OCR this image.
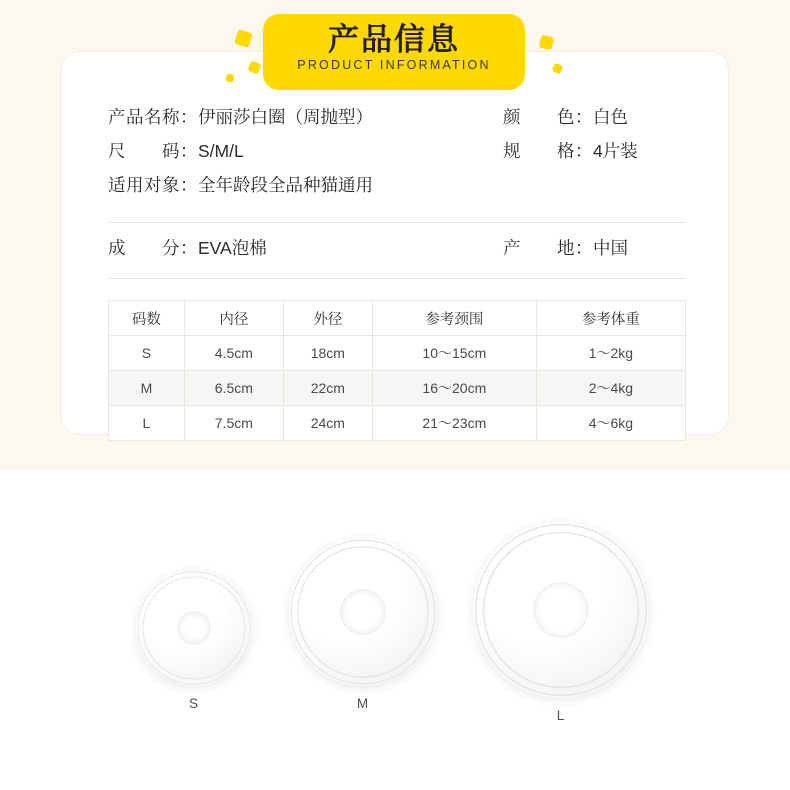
产品信息
PRODUCT INFORMATION
产品名称： 伊丽莎白圈（周抛型）	颜　　色： 白色
尺　　码： S/M/L	规　　格： 4片装
适用对象： 全年龄段全品种猫通用
成　　分： EVA泡棉	产　　地： 中国
码数	内径	外径	参考颈围	参考体重
S	4.5cm	18cm	10～15cm	1～2kg
M	6.5cm	22cm	16～20cm	2～4kg
L	7.5cm	24cm	21～23cm	4～6kg
S	M
L
